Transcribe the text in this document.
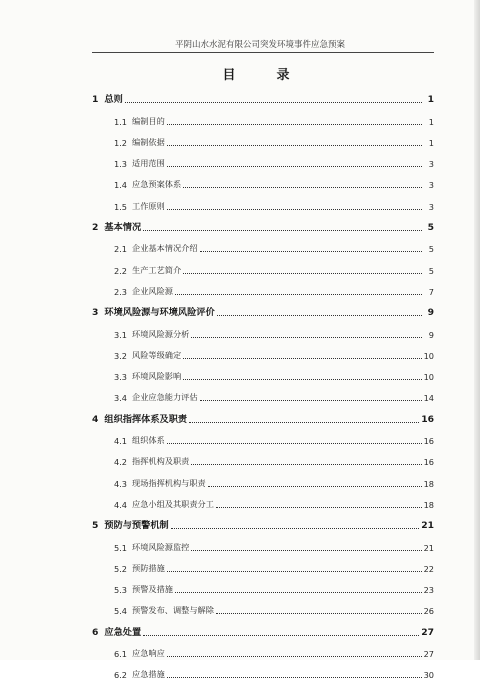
平阴山水水泥有限公司突发环境事件应急预案
目　录
1 总则	1
1.1 编制目的	1
1.2 编制依据	1
1.3 适用范围	3
1.4 应急预案体系	3
1.5 工作原则	3
2 基本情况	5
2.1 企业基本情况介绍	5
2.2 生产工艺简介	5
2.3 企业风险源	7
3 环境风险源与环境风险评价	9
3.1 环境风险源分析	9
3.2 风险等级确定	10
3.3 环境风险影响	10
3.4 企业应急能力评估	14
4 组织指挥体系及职责	16
4.1 组织体系	16
4.2 指挥机构及职责	16
4.3 现场指挥机构与职责	18
4.4 应急小组及其职责分工	18
5 预防与预警机制	21
5.1 环境风险源监控	21
5.2 预防措施	22
5.3 预警及措施	23
5.4 预警发布、调整与解除	26
6 应急处置	27
6.1 应急响应	27
6.2 应急措施	30
